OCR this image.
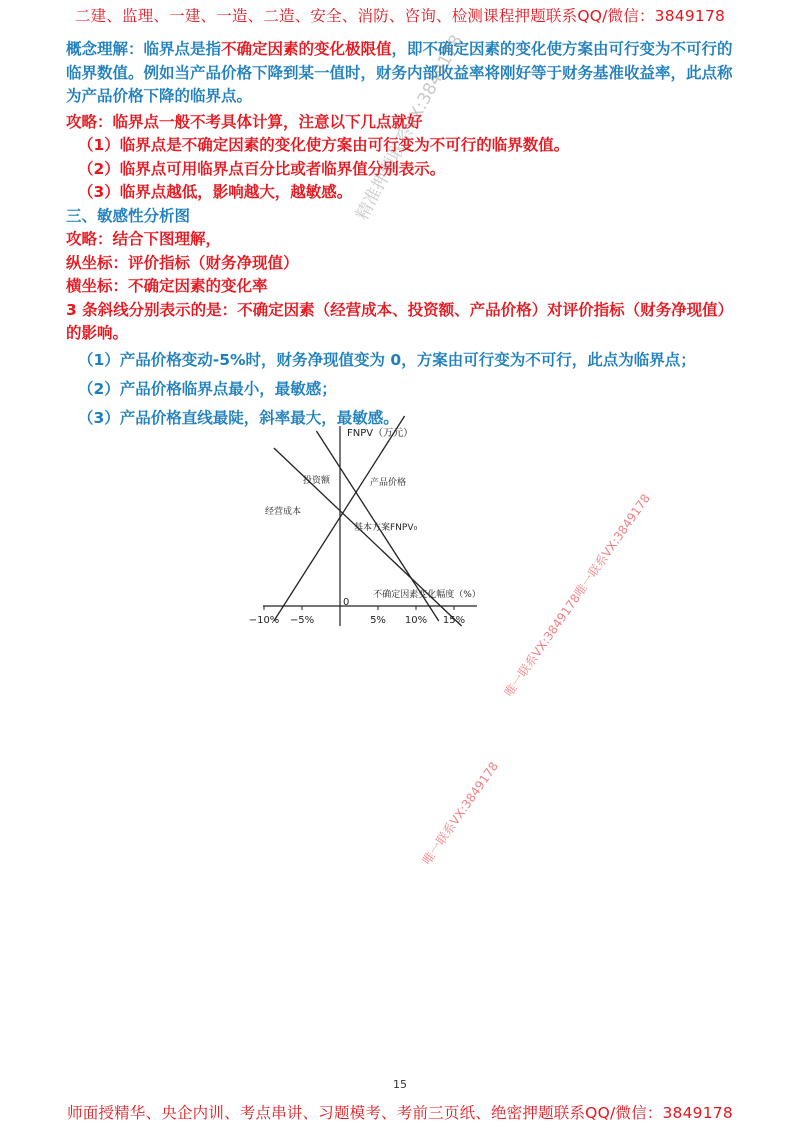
二建、监理、一建、一造、二造、安全、消防、咨询、检测课程押题联系QQ/微信：3849178

概念理解：临界点是指不确定因素的变化极限值，即不确定因素的变化使方案由可行变为不可行的临界数值。例如当产品价格下降到某一值时，财务内部收益率将刚好等于财务基准收益率，此点称为产品价格下降的临界点。

攻略：临界点一般不考具体计算，注意以下几点就好

（1）临界点是不确定因素的变化使方案由可行变为不可行的临界数值。

（2）临界点可用临界点百分比或者临界值分别表示。

（3）临界点越低，影响越大，越敏感。

三、敏感性分析图

攻略：结合下图理解，

纵坐标：评价指标（财务净现值）

横坐标：不确定因素的变化率

3 条斜线分别表示的是：不确定因素（经营成本、投资额、产品价格）对评价指标（财务净现值）的影响。

（1）产品价格变动-5%时，财务净现值变为 0，方案由可行变为不可行，此点为临界点；

（2）产品价格临界点最小，最敏感；

（3）产品价格直线最陡，斜率最大，最敏感。

−10% −5%	5% 10% 15%
FNPV（万元）
不确定因素变化幅度（%）
0
基本方案FNPV₀
产品价格
投资额
经营成本
精准押题联系VX:3849178
唯一联系VX:3849178唯一联系VX:3849178
唯一联系VX:3849178
15
师面授精华、央企内训、考点串讲、习题模考、考前三页纸、绝密押题联系QQ/微信：3849178
